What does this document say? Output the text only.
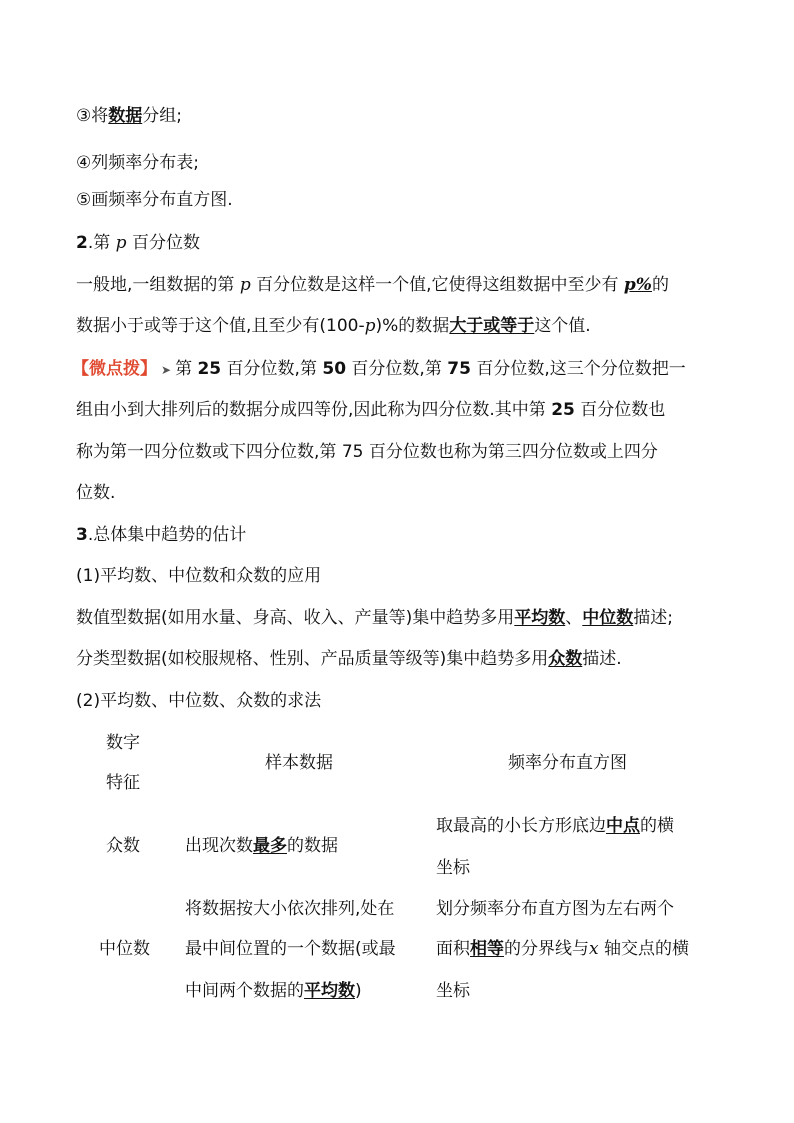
③将数据分组;
④列频率分布表;
⑤画频率分布直方图.
2.第 p 百分位数
一般地,一组数据的第 p 百分位数是这样一个值,它使得这组数据中至少有 p%的
数据小于或等于这个值,且至少有(100-p)%的数据大于或等于这个值.
【微点拨】 ➤ 第 25 百分位数,第 50 百分位数,第 75 百分位数,这三个分位数把一
组由小到大排列后的数据分成四等份,因此称为四分位数.其中第 25 百分位数也
称为第一四分位数或下四分位数,第 75 百分位数也称为第三四分位数或上四分
位数.
3.总体集中趋势的估计
(1)平均数、中位数和众数的应用
数值型数据(如用水量、身高、收入、产量等)集中趋势多用平均数、中位数描述;
分类型数据(如校服规格、性别、产品质量等级等)集中趋势多用众数描述.
(2)平均数、中位数、众数的求法
数字
特征
样本数据	频率分布直方图
众数	出现次数最多的数据
取最高的小长方形底边中点的横
坐标
中位数
将数据按大小依次排列,处在
最中间位置的一个数据(或最
中间两个数据的平均数)
划分频率分布直方图为左右两个
面积相等的分界线与x 轴交点的横
坐标
